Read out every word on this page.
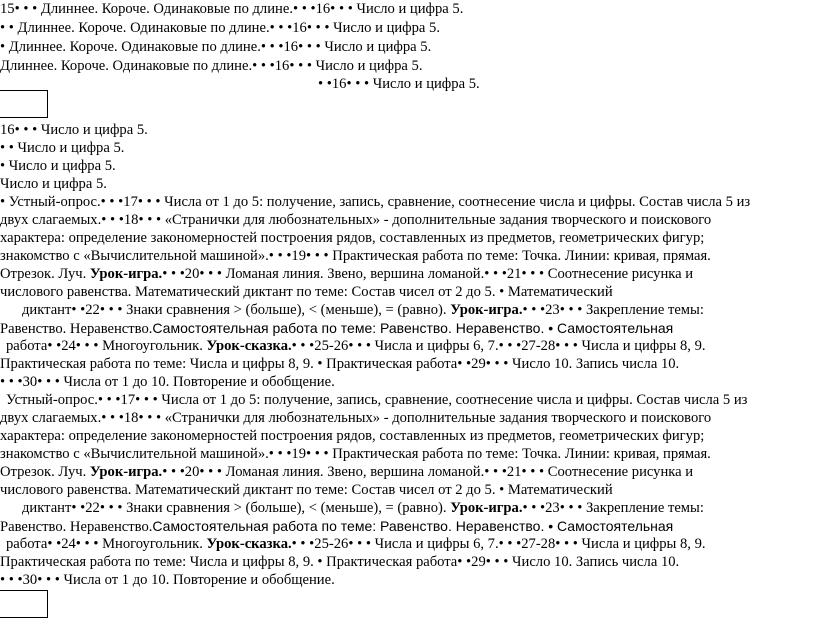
15• • • Длиннее. Короче. Одинаковые по длине.• • •16• • • Число и цифра 5.
• • Длиннее. Короче. Одинаковые по длине.• • •16• • • Число и цифра 5.
• Длиннее. Короче. Одинаковые по длине.• • •16• • • Число и цифра 5.
Длиннее. Короче. Одинаковые по длине.• • •16• • • Число и цифра 5.
• •16• • • Число и цифра 5.
16• • • Число и цифра 5.
• • Число и цифра 5.
• Число и цифра 5.
Число и цифра 5.
• Устный-опрос.• • •17• • • Числа от 1 до 5: получение, запись, сравнение, соотнесение числа и цифры. Состав числа 5 из
двух слагаемых.• • •18• • • «Странички для любознательных» - дополнительные задания творческого и поискового
характера: определение закономерностей построения рядов, составленных из предметов, геометрических фигур;
знакомство с «Вычислительной машиной».• • •19• • • Практическая работа по теме: Точка. Линии: кривая, прямая.
Отрезок. Луч. Урок-игра.• • •20• • • Ломаная линия. Звено, вершина ломаной.• • •21• • • Соотнесение рисунка и
числового равенства. Математический диктант по теме: Состав чисел от 2 до 5. • Математический
диктант• •22• • • Знаки сравнения > (больше), < (меньше), = (равно). Урок-игра.• • •23• • • Закрепление темы:
Равенство. Неравенство.Самостоятельная работа по теме: Равенство. Неравенство. • Самостоятельная
работа• •24• • • Многоугольник. Урок-сказка.• • •25-26• • • Числа и цифры 6, 7.• • •27-28• • • Числа и цифры 8, 9.
Практическая работа по теме: Числа и цифры 8, 9. • Практическая работа• •29• • • Число 10. Запись числа 10.
• • •30• • • Числа от 1 до 10. Повторение и обобщение.
Устный-опрос.• • •17• • • Числа от 1 до 5: получение, запись, сравнение, соотнесение числа и цифры. Состав числа 5 из
двух слагаемых.• • •18• • • «Странички для любознательных» - дополнительные задания творческого и поискового
характера: определение закономерностей построения рядов, составленных из предметов, геометрических фигур;
знакомство с «Вычислительной машиной».• • •19• • • Практическая работа по теме: Точка. Линии: кривая, прямая.
Отрезок. Луч. Урок-игра.• • •20• • • Ломаная линия. Звено, вершина ломаной.• • •21• • • Соотнесение рисунка и
числового равенства. Математический диктант по теме: Состав чисел от 2 до 5. • Математический
диктант• •22• • • Знаки сравнения > (больше), < (меньше), = (равно). Урок-игра.• • •23• • • Закрепление темы:
Равенство. Неравенство.Самостоятельная работа по теме: Равенство. Неравенство. • Самостоятельная
работа• •24• • • Многоугольник. Урок-сказка.• • •25-26• • • Числа и цифры 6, 7.• • •27-28• • • Числа и цифры 8, 9.
Практическая работа по теме: Числа и цифры 8, 9. • Практическая работа• •29• • • Число 10. Запись числа 10.
• • •30• • • Числа от 1 до 10. Повторение и обобщение.
